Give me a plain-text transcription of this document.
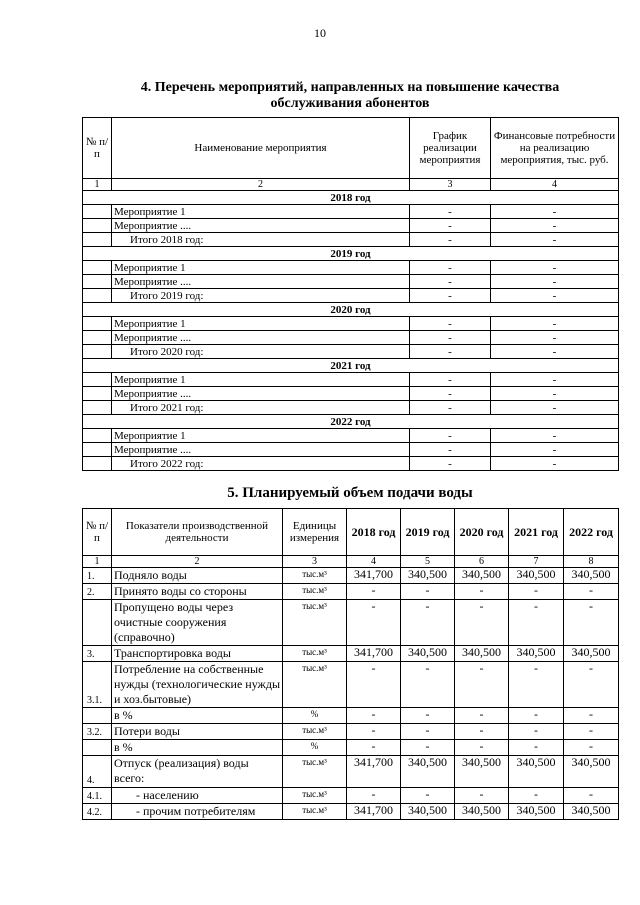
10
4. Перечень мероприятий, направленных на повышение качества
обслуживания абонентов
№ п/п	Наименование мероприятия	График реализации мероприятия	Финансовые потребности на реализацию мероприятия, тыс. руб.
1	2	3	4
2018 год			
	Мероприятие 1	-	-
	Мероприятие ....	-	-
	Итого 2018 год:	-	-
2019 год			
	Мероприятие 1	-	-
	Мероприятие ....	-	-
	Итого 2019 год:	-	-
2020 год			
	Мероприятие 1	-	-
	Мероприятие ....	-	-
	Итого 2020 год:	-	-
2021 год			
	Мероприятие 1	-	-
	Мероприятие ....	-	-
	Итого 2021 год:	-	-
2022 год			
	Мероприятие 1	-	-
	Мероприятие ....	-	-
	Итого 2022 год:	-	-
5. Планируемый объем подачи воды
№ п/п	Показатели производственной деятельности	Единицы измерения	2018 год	2019 год	2020 год	2021 год	2022 год
1	2	3	4	5	6	7	8
1.	Подняло воды	тыс.м³	341,700	340,500	340,500	340,500	340,500
2.	Принято воды со стороны	тыс.м³	-	-	-	-	-
	Пропущено воды через очистные сооружения (справочно)	тыс.м³	-	-	-	-	-
3.	Транспортировка воды	тыс.м³	341,700	340,500	340,500	340,500	340,500
3.1.	Потребление на собственные нужды (технологические нужды и хоз.бытовые)	тыс.м³	-	-	-	-	-
	в %	%	-	-	-	-	-
3.2.	Потери воды	тыс.м³	-	-	-	-	-
	в %	%	-	-	-	-	-
4.	Отпуск (реализация) воды всего:	тыс.м³	341,700	340,500	340,500	340,500	340,500
4.1.	- населению	тыс.м³	-	-	-	-	-
4.2.	- прочим потребителям	тыс.м³	341,700	340,500	340,500	340,500	340,500
